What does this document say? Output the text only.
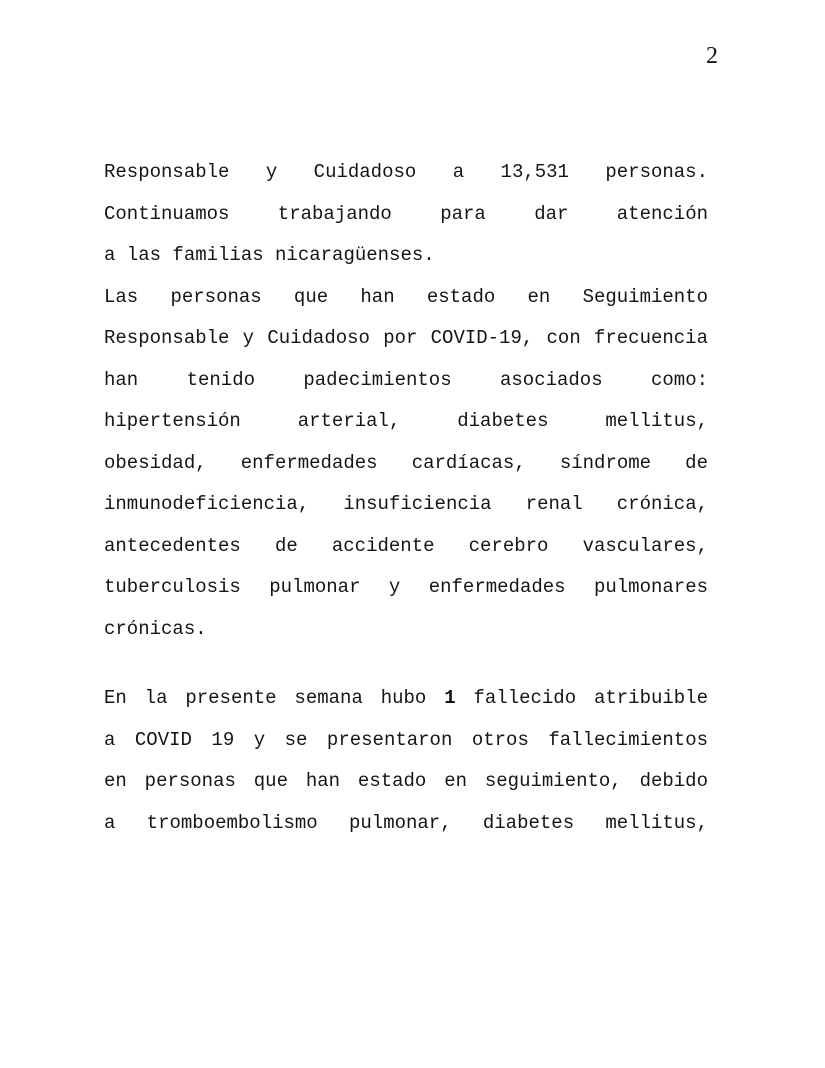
2
Responsable y Cuidadoso a 13,531 personas.
Continuamos trabajando para dar atención
a las familias nicaragüenses.
Las personas que han estado en Seguimiento
Responsable y Cuidadoso por COVID-19, con frecuencia
han tenido padecimientos asociados como:
hipertensión arterial, diabetes mellitus,
obesidad, enfermedades cardíacas, síndrome de
inmunodeficiencia, insuficiencia renal crónica,
antecedentes de accidente cerebro vasculares,
tuberculosis pulmonar y enfermedades pulmonares
crónicas.
En la presente semana hubo 1 fallecido atribuible
a COVID 19 y se presentaron otros fallecimientos
en personas que han estado en seguimiento, debido
a tromboembolismo pulmonar, diabetes mellitus,
